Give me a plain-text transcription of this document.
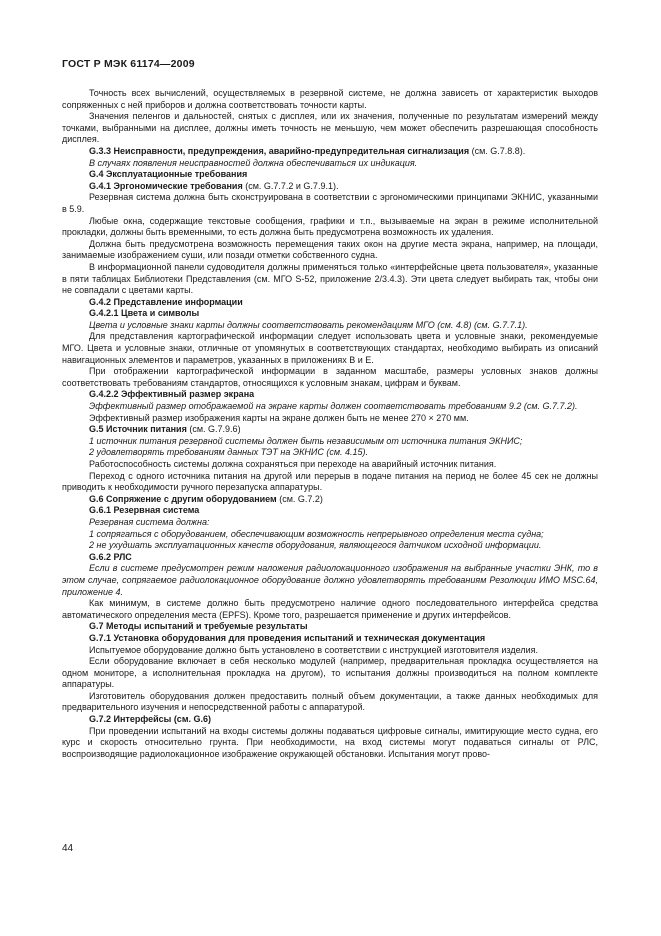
ГОСТ Р МЭК 61174—2009

Точность всех вычислений, осуществляемых в резервной системе, не должна зависеть от характеристик выходов сопряженных с ней приборов и должна соответствовать точности карты.

Значения пеленгов и дальностей, снятых с дисплея, или их значения, полученные по результатам измерений между точками, выбранными на дисплее, должны иметь точность не меньшую, чем может обеспечить разрешающая способность дисплея.

G.3.3 Неисправности, предупреждения, аварийно-предупредительная сигнализация (см. G.7.8.8).

В случаях появления неисправностей должна обеспечиваться их индикация.

G.4 Эксплуатационные требования

G.4.1 Эргономические требования (см. G.7.7.2 и G.7.9.1).

Резервная система должна быть сконструирована в соответствии с эргономическими принципами ЭКНИС, указанными в 5.9.

Любые окна, содержащие текстовые сообщения, графики и т.п., вызываемые на экран в режиме исполнительной прокладки, должны быть временными, то есть должна быть предусмотрена возможность их удаления.

Должна быть предусмотрена возможность перемещения таких окон на другие места экрана, например, на площади, занимаемые изображением суши, или позади отметки собственного судна.

В информационной панели судоводителя должны применяться только «интерфейсные цвета пользователя», указанные в пяти таблицах Библиотеки Представления (см. МГО S-52, приложение 2/3.4.3). Эти цвета следует выбирать так, чтобы они не совпадали с цветами карты.

G.4.2 Представление информации

G.4.2.1 Цвета и символы

Цвета и условные знаки карты должны соответствовать рекомендациям МГО (см. 4.8) (см. G.7.7.1).

Для представления картографической информации следует использовать цвета и условные знаки, рекомендуемые МГО. Цвета и условные знаки, отличные от упомянутых в соответствующих стандартах, необходимо выбирать из описаний навигационных элементов и параметров, указанных в приложениях В и Е.

При отображении картографической информации в заданном масштабе, размеры условных знаков должны соответствовать требованиям стандартов, относящихся к условным знакам, цифрам и буквам.

G.4.2.2 Эффективный размер экрана

Эффективный размер отображаемой на экране карты должен соответствовать требованиям 9.2 (см. G.7.7.2).

Эффективный размер изображения карты на экране должен быть не менее 270 × 270 мм.

G.5 Источник питания (см. G.7.9.6)

1 источник питания резервной системы должен быть независимым от источника питания ЭКНИС;

2 удовлетворять требованиям данных ТЭТ на ЭКНИС (см. 4.15).

Работоспособность системы должна сохраняться при переходе на аварийный источник питания.

Переход с одного источника питания на другой или перерыв в подаче питания на период не более 45 сек не должны приводить к необходимости ручного перезапуска аппаратуры.

G.6 Сопряжение с другим оборудованием (см. G.7.2)

G.6.1 Резервная система

Резервная система должна:

1 сопрягаться с оборудованием, обеспечивающим возможность непрерывного определения места судна;

2 не ухудшать эксплуатационных качеств оборудования, являющегося датчиком исходной информации.

G.6.2 РЛС

Если в системе предусмотрен режим наложения радиолокационного изображения на выбранные участки ЭНК, то в этом случае, сопрягаемое радиолокационное оборудование должно удовлетворять требованиям Резолюции ИМО MSC.64, приложение 4.

Как минимум, в системе должно быть предусмотрено наличие одного последовательного интерфейса средства автоматического определения места (EPFS). Кроме того, разрешается применение и других интерфейсов.

G.7 Методы испытаний и требуемые результаты

G.7.1 Установка оборудования для проведения испытаний и техническая документация

Испытуемое оборудование должно быть установлено в соответствии с инструкцией изготовителя изделия.

Если оборудование включает в себя несколько модулей (например, предварительная прокладка осуществляется на одном мониторе, а исполнительная прокладка на другом), то испытания должны производиться на полном комплекте аппаратуры.

Изготовитель оборудования должен предоставить полный объем документации, а также данных необходимых для предварительного изучения и непосредственной работы с аппаратурой.

G.7.2 Интерфейсы (см. G.6)

При проведении испытаний на входы системы должны подаваться цифровые сигналы, имитирующие место судна, его курс и скорость относительно грунта. При необходимости, на вход системы могут подаваться сигналы от РЛС, воспроизводящие радиолокационное изображение окружающей обстановки. Испытания могут прово-

44
